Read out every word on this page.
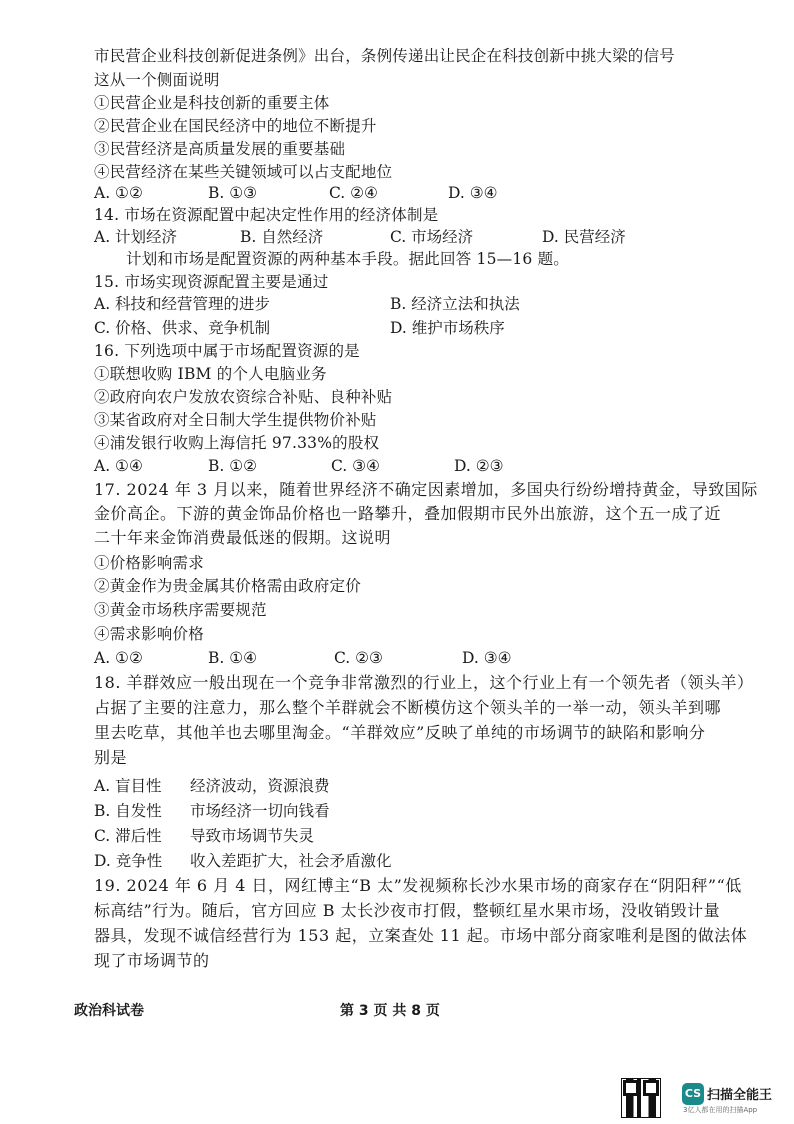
市民营企业科技创新促进条例》出台，条例传递出让民企在科技创新中挑大梁的信号
这从一个侧面说明
①民营企业是科技创新的重要主体
②民营企业在国民经济中的地位不断提升
③民营经济是高质量发展的重要基础
④民营经济在某些关键领域可以占支配地位
A. ①②	B. ①③	C. ②④	D. ③④
14. 市场在资源配置中起决定性作用的经济体制是
A. 计划经济	B. 自然经济	C. 市场经济	D. 民营经济
计划和市场是配置资源的两种基本手段。据此回答 15—16 题。
15. 市场实现资源配置主要是通过
A. 科技和经营管理的进步	B. 经济立法和执法
C. 价格、供求、竞争机制	D. 维护市场秩序
16. 下列选项中属于市场配置资源的是
①联想收购 IBM 的个人电脑业务
②政府向农户发放农资综合补贴、良种补贴
③某省政府对全日制大学生提供物价补贴
④浦发银行收购上海信托 97.33%的股权
A. ①④	B. ①②	C. ③④	D. ②③
17. 2024 年 3 月以来，随着世界经济不确定因素增加，多国央行纷纷增持黄金，导致国际
金价高企。下游的黄金饰品价格也一路攀升，叠加假期市民外出旅游，这个五一成了近
二十年来金饰消费最低迷的假期。这说明
①价格影响需求
②黄金作为贵金属其价格需由政府定价
③黄金市场秩序需要规范
④需求影响价格
A. ①②	B. ①④	C. ②③	D. ③④
18. 羊群效应一般出现在一个竞争非常激烈的行业上，这个行业上有一个领先者（领头羊）
占据了主要的注意力，那么整个羊群就会不断模仿这个领头羊的一举一动，领头羊到哪
里去吃草，其他羊也去哪里淘金。“羊群效应”反映了单纯的市场调节的缺陷和影响分
别是
A. 盲目性 经济波动，资源浪费
B. 自发性 市场经济一切向钱看
C. 滞后性 导致市场调节失灵
D. 竞争性 收入差距扩大，社会矛盾激化
19. 2024 年 6 月 4 日，网红博主“B 太”发视频称长沙水果市场的商家存在“阴阳秤”“低
标高结”行为。随后，官方回应 B 太长沙夜市打假，整顿红星水果市场，没收销毁计量
器具，发现不诚信经营行为 153 起，立案查处 11 起。市场中部分商家唯利是图的做法体
现了市场调节的
政治科试卷	第 3 页 共 8 页
CS 扫描全能王
3亿人都在用的扫描App
